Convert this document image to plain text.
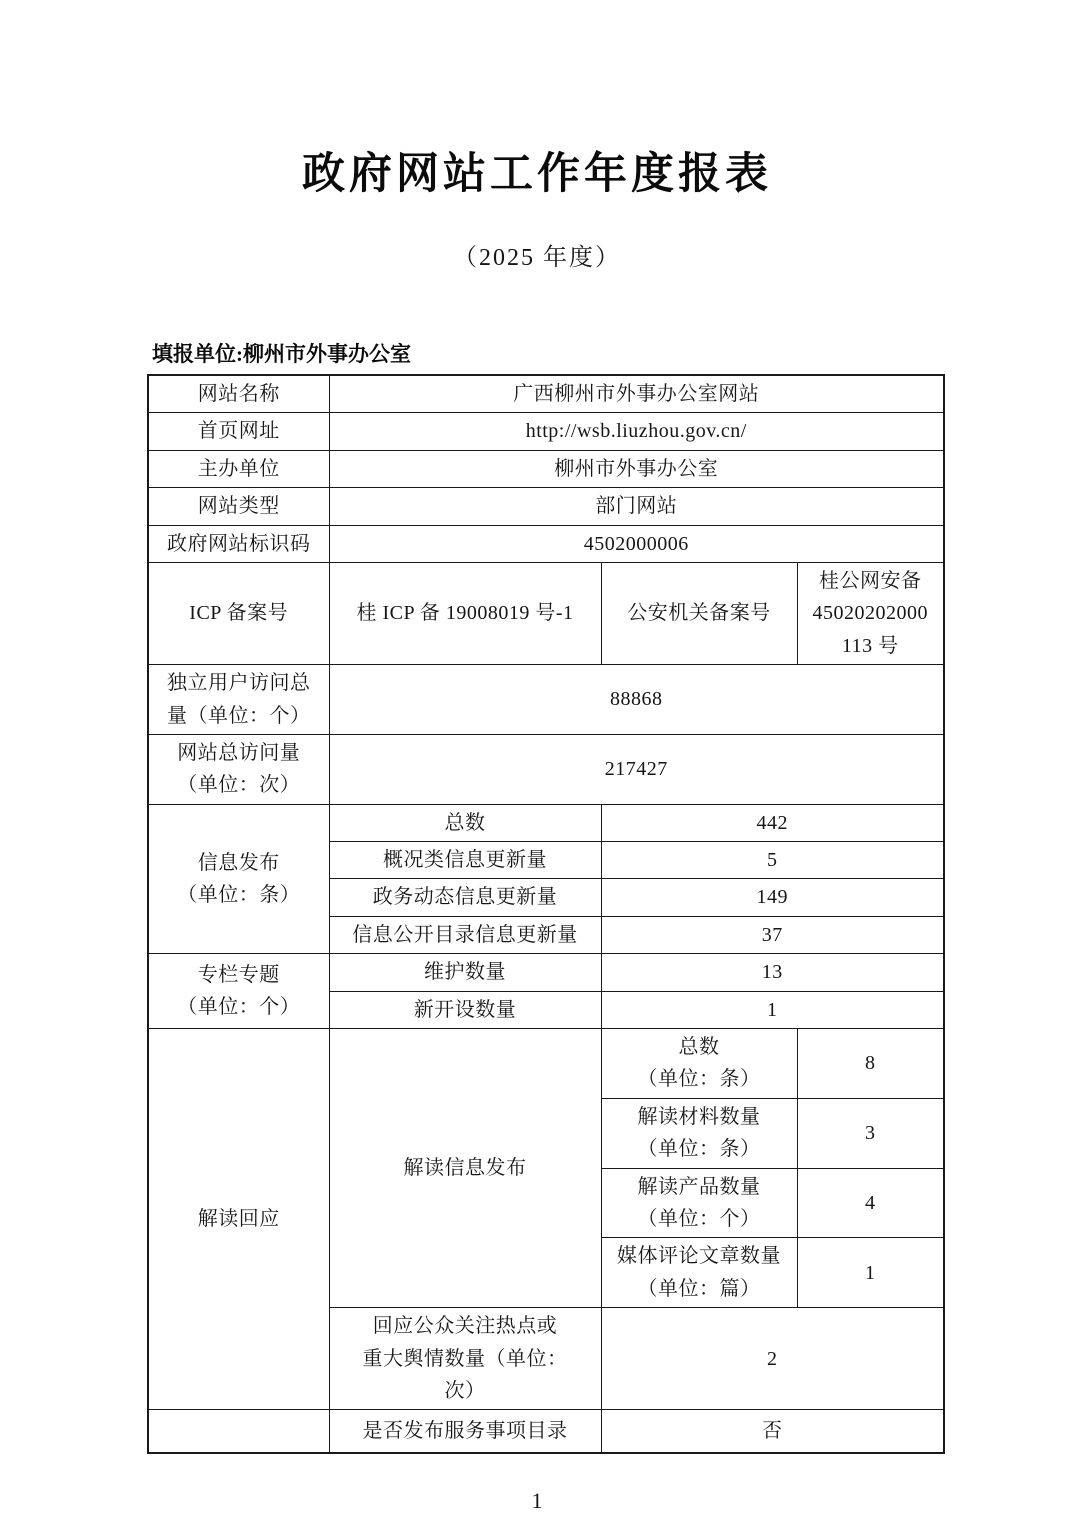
政府网站工作年度报表
（2025 年度）
填报单位:柳州市外事办公室
网站名称	广西柳州市外事办公室网站		
首页网址	http://wsb.liuzhou.gov.cn/		
主办单位	柳州市外事办公室		
网站类型	部门网站		
政府网站标识码	4502000006		
ICP 备案号	桂 ICP 备 19008019 号-1	公安机关备案号	桂公网安备
45020202000
113 号
独立用户访问总
量（单位：个）	88868		
网站总访问量
（单位：次）	217427		
信息发布
（单位：条）	总数	442	
	概况类信息更新量	5	
	政务动态信息更新量	149	
	信息公开目录信息更新量	37	
专栏专题
（单位：个）	维护数量	13	
	新开设数量	1	
解读回应	解读信息发布	总数
（单位：条）	8
		解读材料数量
（单位：条）	3
		解读产品数量
（单位：个）	4
		媒体评论文章数量
（单位：篇）	1
	回应公众关注热点或
重大舆情数量（单位：
次）	2	
	是否发布服务事项目录	否	
1
